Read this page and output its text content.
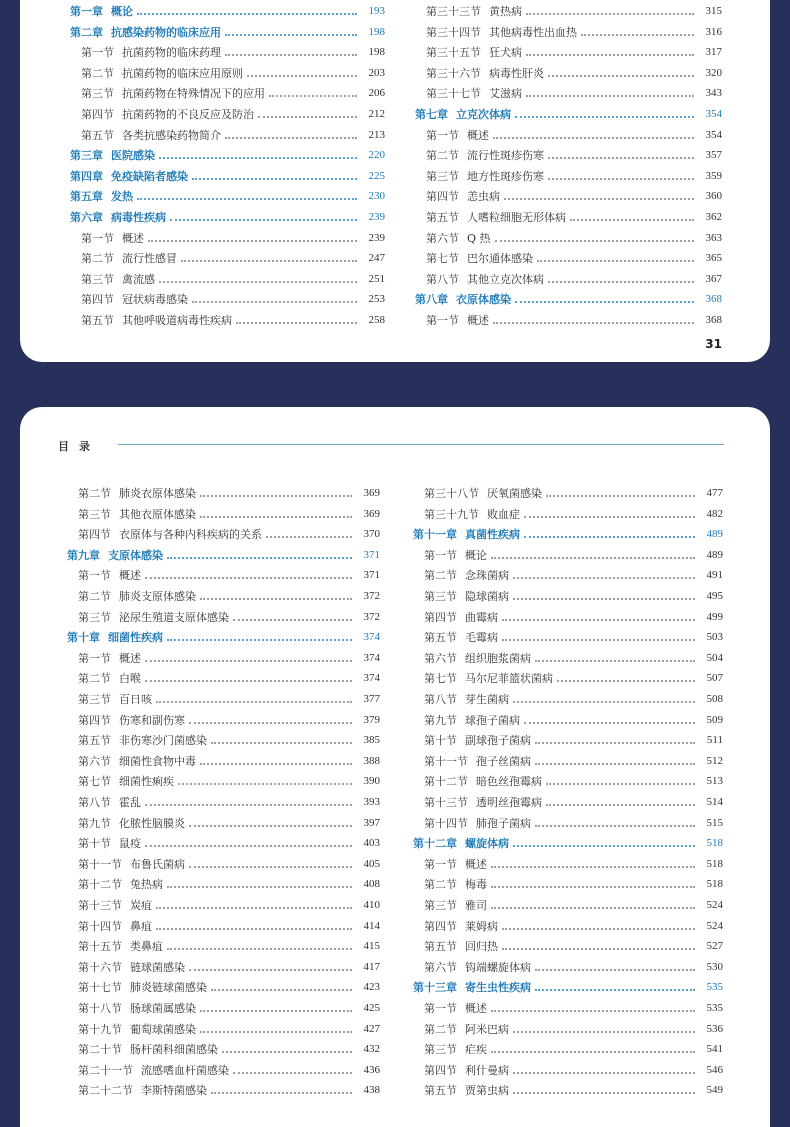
第一章 概论	193
第二章 抗感染药物的临床应用	198
第一节 抗菌药物的临床药理	198
第二节 抗菌药物的临床应用原则	203
第三节 抗菌药物在特殊情况下的应用	206
第四节 抗菌药物的不良反应及防治	212
第五节 各类抗感染药物简介	213
第三章 医院感染	220
第四章 免疫缺陷者感染	225
第五章 发热	230
第六章 病毒性疾病	239
第一节 概述	239
第二节 流行性感冒	247
第三节 禽流感	251
第四节 冠状病毒感染	253
第五节 其他呼吸道病毒性疾病	258
第三十三节 黄热病	315
第三十四节 其他病毒性出血热	316
第三十五节 狂犬病	317
第三十六节 病毒性肝炎	320
第三十七节 艾滋病	343
第七章 立克次体病	354
第一节 概述	354
第二节 流行性斑疹伤寒	357
第三节 地方性斑疹伤寒	359
第四节 恙虫病	360
第五节 人嗜粒细胞无形体病	362
第六节 Q 热	363
第七节 巴尔通体感染	365
第八节 其他立克次体病	367
第八章 衣原体感染	368
第一节 概述	368
31
目录
第二节 肺炎衣原体感染	369
第三节 其他衣原体感染	369
第四节 衣原体与各种内科疾病的关系	370
第九章 支原体感染	371
第一节 概述	371
第二节 肺炎支原体感染	372
第三节 泌尿生殖道支原体感染	372
第十章 细菌性疾病	374
第一节 概述	374
第二节 白喉	374
第三节 百日咳	377
第四节 伤寒和副伤寒	379
第五节 非伤寒沙门菌感染	385
第六节 细菌性食物中毒	388
第七节 细菌性痢疾	390
第八节 霍乱	393
第九节 化脓性脑膜炎	397
第十节 鼠疫	403
第十一节 布鲁氏菌病	405
第十二节 兔热病	408
第十三节 炭疽	410
第十四节 鼻疽	414
第十五节 类鼻疽	415
第十六节 链球菌感染	417
第十七节 肺炎链球菌感染	423
第十八节 肠球菌属感染	425
第十九节 葡萄球菌感染	427
第二十节 肠杆菌科细菌感染	432
第二十一节 流感嗜血杆菌感染	436
第二十二节 李斯特菌感染	438
第三十八节 厌氧菌感染	477
第三十九节 败血症	482
第十一章 真菌性疾病	489
第一节 概论	489
第二节 念珠菌病	491
第三节 隐球菌病	495
第四节 曲霉病	499
第五节 毛霉病	503
第六节 组织胞浆菌病	504
第七节 马尔尼菲篮状菌病	507
第八节 芽生菌病	508
第九节 球孢子菌病	509
第十节 副球孢子菌病	511
第十一节 孢子丝菌病	512
第十二节 暗色丝孢霉病	513
第十三节 透明丝孢霉病	514
第十四节 肺孢子菌病	515
第十二章 螺旋体病	518
第一节 概述	518
第二节 梅毒	518
第三节 雅司	524
第四节 莱姆病	524
第五节 回归热	527
第六节 钩端螺旋体病	530
第十三章 寄生虫性疾病	535
第一节 概述	535
第二节 阿米巴病	536
第三节 疟疾	541
第四节 利什曼病	546
第五节 贾第虫病	549
